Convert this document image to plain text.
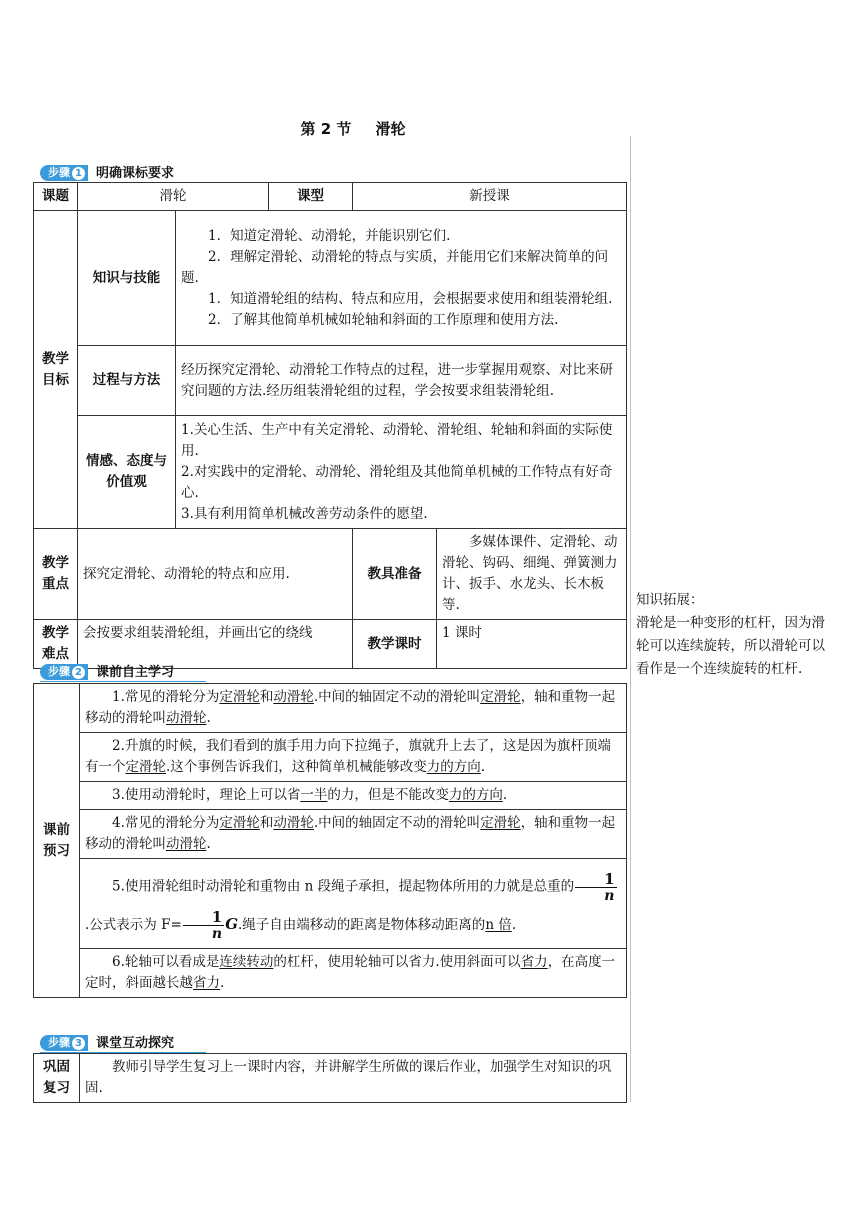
第 2 节 滑轮
步骤 1	明确课标要求
课题	滑轮		课型	新授课	
教学目标	知识与技能	1．知道定滑轮、动滑轮，并能识别它们.
2．理解定滑轮、动滑轮的特点与实质，并能用它们来解决简单的问题.
1．知道滑轮组的结构、特点和应用，会根据要求使用和组装滑轮组.
2．了解其他简单机械如轮轴和斜面的工作原理和使用方法.			

	过程与方法	经历探究定滑轮、动滑轮工作特点的过程，进一步掌握用观察、对比来研究问题的方法.经历组装滑轮组的过程，学会按要求组装滑轮组.			
	情感、态度与价值观	1.关心生活、生产中有关定滑轮、动滑轮、滑轮组、轮轴和斜面的实际使用.
2.对实践中的定滑轮、动滑轮、滑轮组及其他简单机械的工作特点有好奇心.
3.具有利用简单机械改善劳动条件的愿望.			

教学重点	探究定滑轮、动滑轮的特点和应用.			教具准备	多媒体课件、定滑轮、动滑轮、钩码、细绳、弹簧测力计、扳手、水龙头、长木板等.
教学难点	会按要求组装滑轮组，并画出它的绕线			教学课时	1 课时
步骤 2	课前自主学习
课前预习	1.常见的滑轮分为定滑轮和动滑轮.中间的轴固定不动的滑轮叫定滑轮，轴和重物一起移动的滑轮叫动滑轮.
2.升旗的时候，我们看到的旗手用力向下拉绳子，旗就升上去了，这是因为旗杆顶端有一个定滑轮.这个事例告诉我们，这种简单机械能够改变力的方向.
3.使用动滑轮时，理论上可以省一半的力，但是不能改变力的方向.
4.常见的滑轮分为定滑轮和动滑轮.中间的轴固定不动的滑轮叫定滑轮，轴和重物一起移动的滑轮叫动滑轮.
5.使用滑轮组时动滑轮和重物由 n 段绳子承担，提起物体所用的力就是总重的 $\frac{1}{n}$
.公式表示为 $F= \frac{1}{n} G$.绳子自由端移动的距离是物体移动距离的n 倍.
6.轮轴可以看成是连续转动的杠杆，使用轮轴可以省力.使用斜面可以省力，在高度一定时，斜面越长越省力.
步骤 3	课堂互动探究
巩固复习	教师引导学生复习上一课时内容，并讲解学生所做的课后作业，加强学生对知识的巩固.
知识拓展：
滑轮是一种变形的杠杆，因为滑轮可以连续旋转，所以滑轮可以看作是一个连续旋转的杠杆.
